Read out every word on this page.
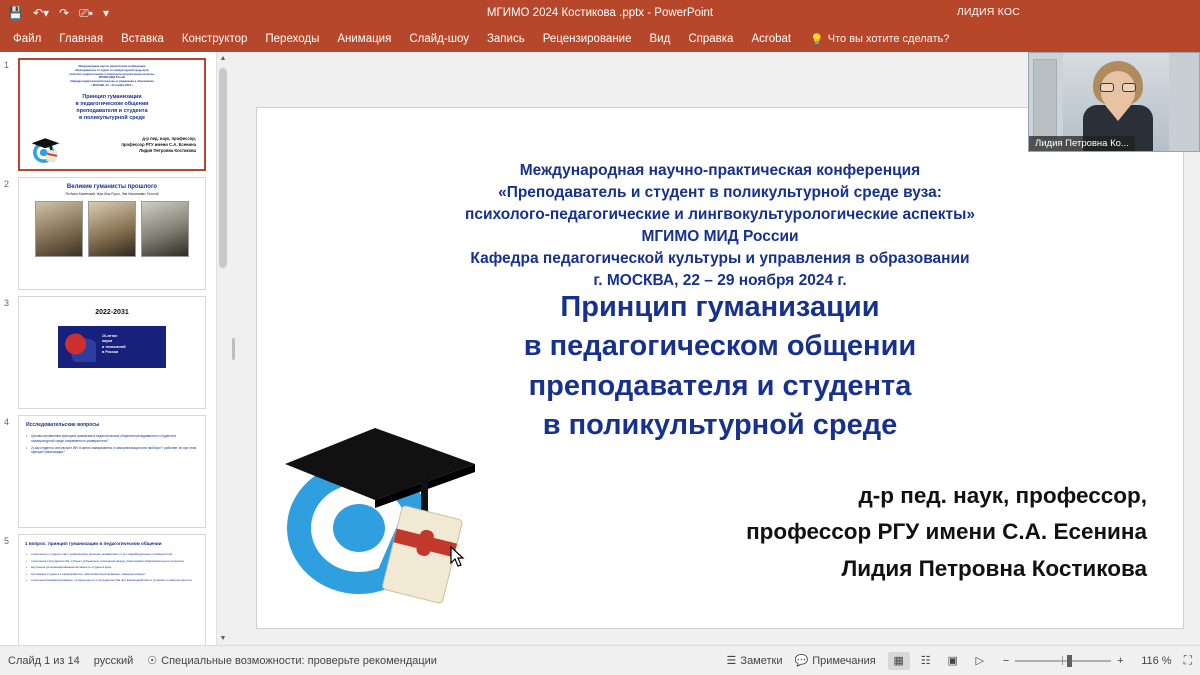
💾 ↶▾ ↷ ⎚▪ ▾	МГИМО 2024 Костикова .pptx - PowerPoint	ЛИДИЯ КОС
Файл	Главная	Вставка	Конструктор	Переходы	Анимация	Слайд-шоу	Запись	Рецензирование	Вид	Справка	Acrobat	💡 Что вы хотите сделать?
1	Международная научно-практическая конференция
«Преподаватель и студент в поликультурной среде вуза:
психолого-педагогические и лингвокультурологические аспекты»
МГИМО МИД России
Кафедра педагогической культуры и управления в образовании
г. МОСКВА, 22 – 29 ноября 2024 г.
Принцип гуманизации
в педагогическом общении
преподавателя и студента
в поликультурной среде
д-р пед. наук, профессор,
профессор РГУ имени С.А. Есенина
Лидия Петровна Костикова
2	Великие гуманисты прошлого
Ян Амос Коменский, Жан-Жак Руссо, Лев Николаевич Толстой
3
2022-2031
10-летие
науки
и технологий
в России
4	Исследовательские вопросы
• Ценовы проявления принципа гуманизма в педагогическом общении преподавателя и студента в поликультурной среде современного университета?
• 2) как студенты используют ИИ: в целях саморазвития и самореализации или наоборот? работает ли при этом принцип гуманизации?
5	1 вопрос: принцип гуманизации в педагогическом общении
• отношение к студенту как к уникальному явлению независимо от его индивидуальных особенностей;
• отношения сотрудничества, субъект-субъектные отношения между участниками образовательного процесса;
• внутренне детерминированная активность студента вуза;
• мотивация студента к саморазвитию, самосовершенствованию, самореализации;
• отношения взаимопонимания, толерантности и сотрудничества при взаимодействии в условиях поликультурности.
▲
▼
Международная научно-практическая конференция
«Преподаватель и студент в поликультурной среде вуза:
психолого-педагогические и лингвокультурологические аспекты»
МГИМО МИД России
Кафедра педагогической культуры и управления в образовании
г. МОСКВА, 22 – 29 ноября 2024 г.
Принцип гуманизации
в педагогическом общении
преподавателя и студента
в поликультурной среде
д-р пед. наук, профессор,
профессор РГУ имени С.А. Есенина
Лидия Петровна Костикова
Лидия Петровна Ко...
Слайд 1 из 14 русский ☉ Специальные возможности: проверьте рекомендации	☰ Заметки 💬 Примечания	▦	☷	▣	▷	−	+	116 % ⛶
